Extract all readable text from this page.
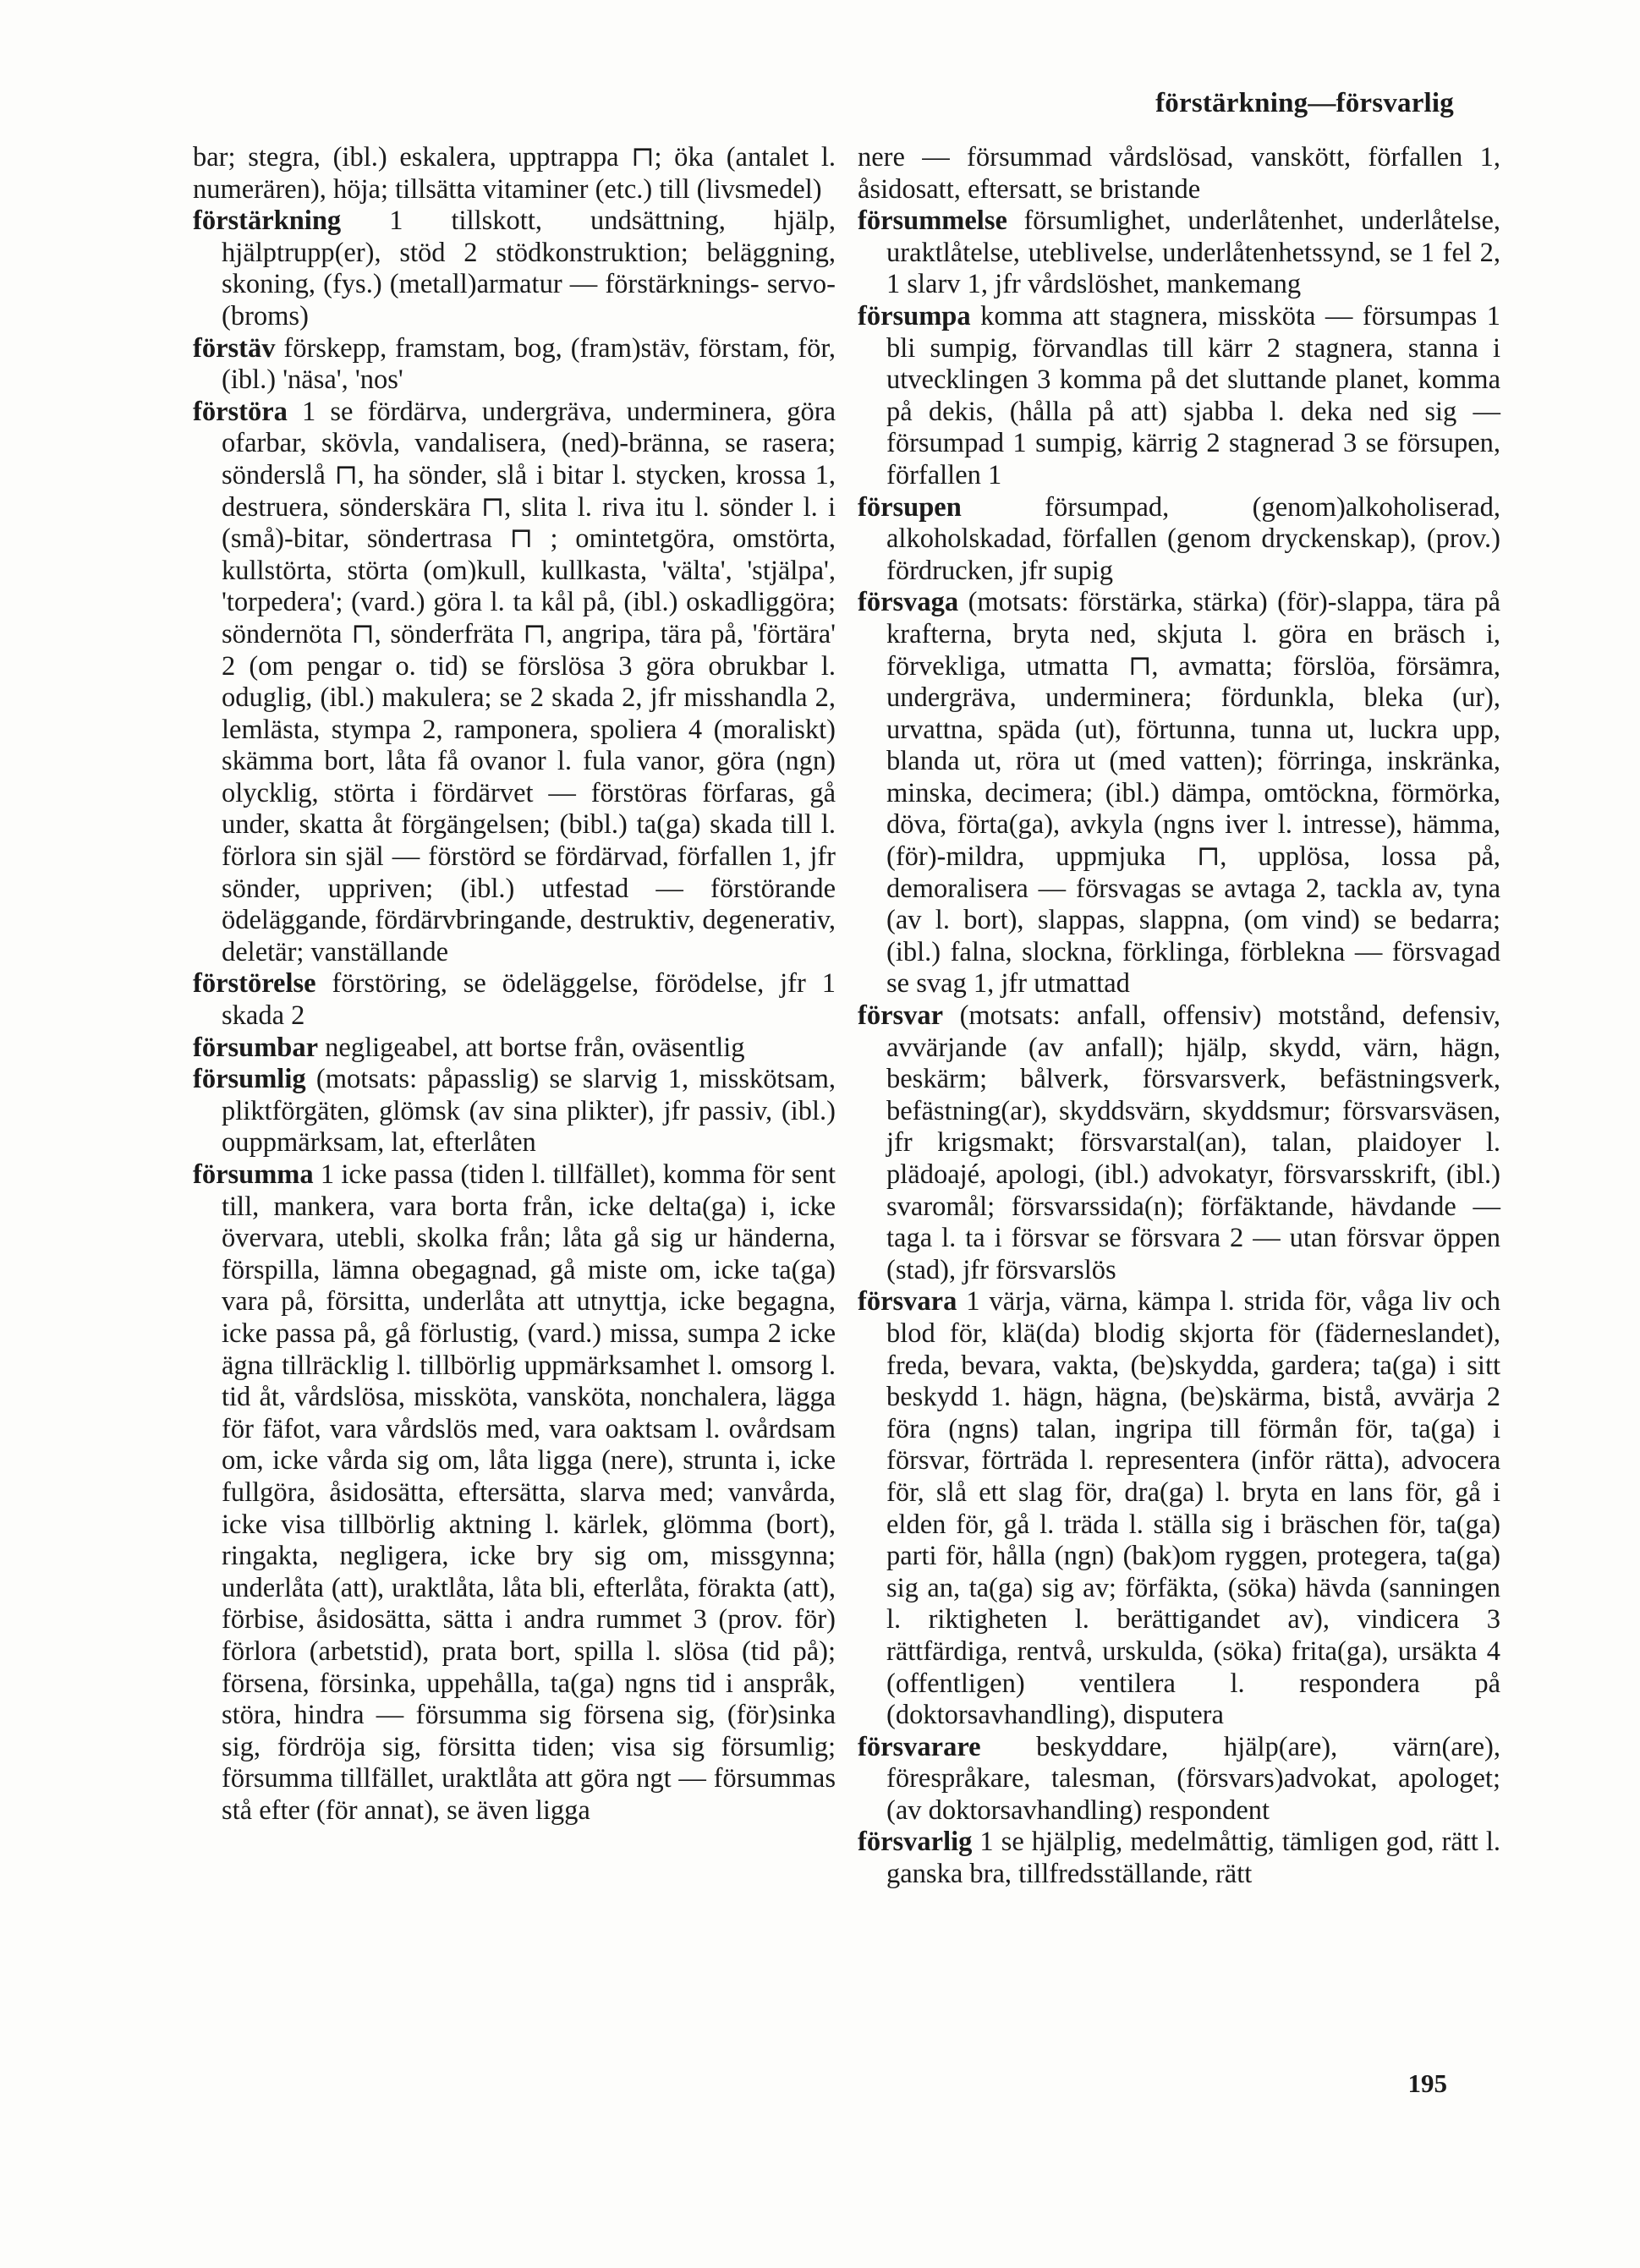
förstärkning—försvarlig

bar; stegra, (ibl.) eskalera, upptrappa ⊓; öka (antalet l. numerären), höja; tillsätta vitaminer (etc.) till (livsmedel)

förstärkning 1 tillskott, undsättning, hjälp, hjälptrupp(er), stöd 2 stödkonstruktion; beläggning, skoning, (fys.) (metall)armatur — förstärknings- servo-(broms)

förstäv förskepp, framstam, bog, (fram)stäv, förstam, för, (ibl.) 'näsa', 'nos'

förstöra 1 se fördärva, undergräva, underminera, göra ofarbar, skövla, vandalisera, (ned)-bränna, se rasera; sönderslå ⊓, ha sönder, slå i bitar l. stycken, krossa 1, destruera, sönderskära ⊓, slita l. riva itu l. sönder l. i (små)-bitar, söndertrasa ⊓ ; omintetgöra, omstörta, kullstörta, störta (om)kull, kullkasta, 'välta', 'stjälpa', 'torpedera'; (vard.) göra l. ta kål på, (ibl.) oskadliggöra; söndernöta ⊓, sönderfräta ⊓, angripa, tära på, 'förtära' 2 (om pengar o. tid) se förslösa 3 göra obrukbar l. oduglig, (ibl.) makulera; se 2 skada 2, jfr misshandla 2, lemlästa, stympa 2, ramponera, spoliera 4 (moraliskt) skämma bort, låta få ovanor l. fula vanor, göra (ngn) olycklig, störta i fördärvet — förstöras förfaras, gå under, skatta åt förgängelsen; (bibl.) ta(ga) skada till l. förlora sin själ — förstörd se fördärvad, förfallen 1, jfr sönder, uppriven; (ibl.) utfestad — förstörande ödeläggande, fördärvbringande, destruktiv, degenerativ, deletär; vanställande

förstörelse förstöring, se ödeläggelse, förödelse, jfr 1 skada 2

försumbar negligeabel, att bortse från, oväsentlig

försumlig (motsats: påpasslig) se slarvig 1, misskötsam, pliktförgäten, glömsk (av sina plikter), jfr passiv, (ibl.) ouppmärksam, lat, efterlåten

försumma 1 icke passa (tiden l. tillfället), komma för sent till, mankera, vara borta från, icke delta(ga) i, icke övervara, utebli, skolka från; låta gå sig ur händerna, förspilla, lämna obegagnad, gå miste om, icke ta(ga) vara på, försitta, underlåta att utnyttja, icke begagna, icke passa på, gå förlustig, (vard.) missa, sumpa 2 icke ägna tillräcklig l. tillbörlig uppmärksamhet l. omsorg l. tid åt, vårdslösa, missköta, vansköta, nonchalera, lägga för fäfot, vara vårdslös med, vara oaktsam l. ovårdsam om, icke vårda sig om, låta ligga (nere), strunta i, icke fullgöra, åsidosätta, eftersätta, slarva med; vanvårda, icke visa tillbörlig aktning l. kärlek, glömma (bort), ringakta, negligera, icke bry sig om, missgynna; underlåta (att), uraktlåta, låta bli, efterlåta, förakta (att), förbise, åsidosätta, sätta i andra rummet 3 (prov. för) förlora (arbetstid), prata bort, spilla l. slösa (tid på); försena, försinka, uppehålla, ta(ga) ngns tid i anspråk, störa, hindra — försumma sig försena sig, (för)sinka sig, fördröja sig, försitta tiden; visa sig försumlig; försumma tillfället, uraktlåta att göra ngt — försummas stå efter (för annat), se även ligga

nere — försummad vårdslösad, vanskött, förfallen 1, åsidosatt, eftersatt, se bristande

försummelse försumlighet, underlåtenhet, underlåtelse, uraktlåtelse, uteblivelse, underlåtenhetssynd, se 1 fel 2, 1 slarv 1, jfr vårdslöshet, mankemang

försumpa komma att stagnera, missköta — försumpas 1 bli sumpig, förvandlas till kärr 2 stagnera, stanna i utvecklingen 3 komma på det sluttande planet, komma på dekis, (hålla på att) sjabba l. deka ned sig — försumpad 1 sumpig, kärrig 2 stagnerad 3 se försupen, förfallen 1

försupen försumpad, (genom)alkoholiserad, alkoholskadad, förfallen (genom dryckenskap), (prov.) fördrucken, jfr supig

försvaga (motsats: förstärka, stärka) (för)-slappa, tära på krafterna, bryta ned, skjuta l. göra en bräsch i, förvekliga, utmatta ⊓, avmatta; förslöa, försämra, undergräva, underminera; fördunkla, bleka (ur), urvattna, späda (ut), förtunna, tunna ut, luckra upp, blanda ut, röra ut (med vatten); förringa, inskränka, minska, decimera; (ibl.) dämpa, omtöckna, förmörka, döva, förta(ga), avkyla (ngns iver l. intresse), hämma, (för)-mildra, uppmjuka ⊓, upplösa, lossa på, demoralisera — försvagas se avtaga 2, tackla av, tyna (av l. bort), slappas, slappna, (om vind) se bedarra; (ibl.) falna, slockna, förklinga, förblekna — försvagad se svag 1, jfr utmattad

försvar (motsats: anfall, offensiv) motstånd, defensiv, avvärjande (av anfall); hjälp, skydd, värn, hägn, beskärm; bålverk, försvarsverk, befästningsverk, befästning(ar), skyddsvärn, skyddsmur; försvarsväsen, jfr krigsmakt; försvarstal(an), talan, plaidoyer l. plädoajé, apologi, (ibl.) advokatyr, försvarsskrift, (ibl.) svaromål; försvarssida(n); förfäktande, hävdande — taga l. ta i försvar se försvara 2 — utan försvar öppen (stad), jfr försvarslös

försvara 1 värja, värna, kämpa l. strida för, våga liv och blod för, klä(da) blodig skjorta för (fäderneslandet), freda, bevara, vakta, (be)skydda, gardera; ta(ga) i sitt beskydd 1. hägn, hägna, (be)skärma, bistå, avvärja 2 föra (ngns) talan, ingripa till förmån för, ta(ga) i försvar, förträda l. representera (inför rätta), advocera för, slå ett slag för, dra(ga) l. bryta en lans för, gå i elden för, gå l. träda l. ställa sig i bräschen för, ta(ga) parti för, hålla (ngn) (bak)om ryggen, protegera, ta(ga) sig an, ta(ga) sig av; förfäkta, (söka) hävda (sanningen l. riktigheten l. berättigandet av), vindicera 3 rättfärdiga, rentvå, urskulda, (söka) frita(ga), ursäkta 4 (offentligen) ventilera l. respondera på (doktorsavhandling), disputera

försvarare beskyddare, hjälp(are), värn(are), förespråkare, talesman, (försvars)advokat, apologet; (av doktorsavhandling) respondent

försvarlig 1 se hjälplig, medelmåttig, tämligen god, rätt l. ganska bra, tillfredsställande, rätt

195
